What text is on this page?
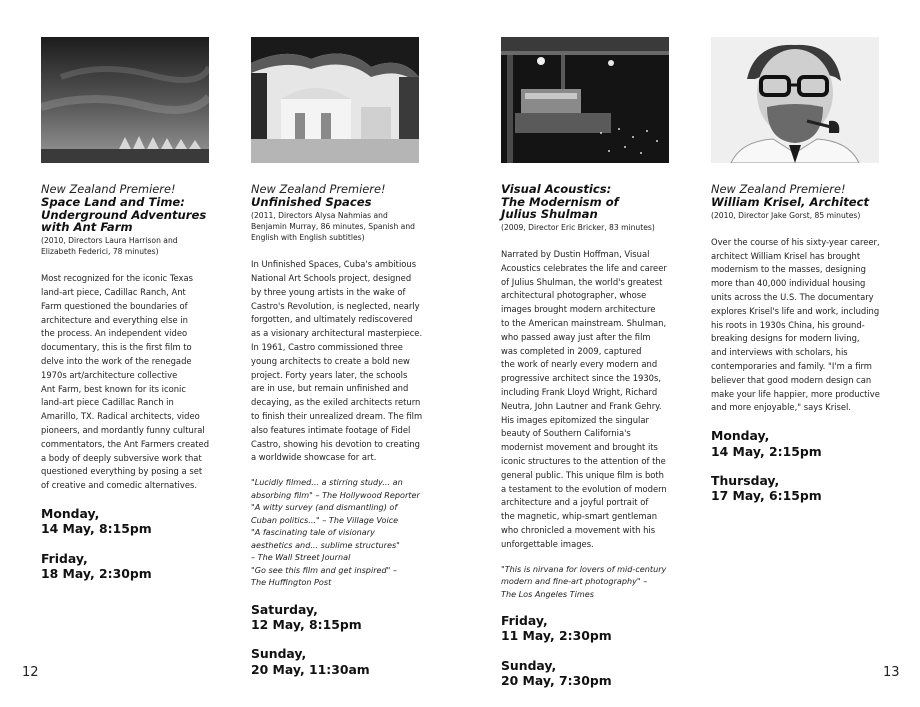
New Zealand Premiere!
Space Land and Time:
Underground Adventures
with Ant Farm
(2010, Directors Laura Harrison and
Elizabeth Federici, 78 minutes)
Most recognized for the iconic Texas
land-art piece, Cadillac Ranch, Ant
Farm questioned the boundaries of
architecture and everything else in
the process. An independent video
documentary, this is the first film to
delve into the work of the renegade
1970s art/architecture collective
Ant Farm, best known for its iconic
land-art piece Cadillac Ranch in
Amarillo, TX. Radical architects, video
pioneers, and mordantly funny cultural
commentators, the Ant Farmers created
a body of deeply subversive work that
questioned everything by posing a set
of creative and comedic alternatives.
Monday,
14 May, 8:15pm
Friday,
18 May, 2:30pm
New Zealand Premiere!
Unfinished Spaces
(2011, Directors Alysa Nahmias and
Benjamin Murray, 86 minutes, Spanish and
English with English subtitles)
In Unfinished Spaces, Cuba's ambitious
National Art Schools project, designed
by three young artists in the wake of
Castro's Revolution, is neglected, nearly
forgotten, and ultimately rediscovered
as a visionary architectural masterpiece.
In 1961, Castro commissioned three
young architects to create a bold new
project. Forty years later, the schools
are in use, but remain unfinished and
decaying, as the exiled architects return
to finish their unrealized dream. The film
also features intimate footage of Fidel
Castro, showing his devotion to creating
a worldwide showcase for art.
"Lucidly filmed... a stirring study... an
absorbing film" – The Hollywood Reporter
"A witty survey (and dismantling) of
Cuban politics..." – The Village Voice
"A fascinating tale of visionary
aesthetics and... sublime structures"
– The Wall Street Journal
"Go see this film and get inspired" –
The Huffington Post
Saturday,
12 May, 8:15pm
Sunday,
20 May, 11:30am
Visual Acoustics:
The Modernism of
Julius Shulman
(2009, Director Eric Bricker, 83 minutes)
Narrated by Dustin Hoffman, Visual
Acoustics celebrates the life and career
of Julius Shulman, the world's greatest
architectural photographer, whose
images brought modern architecture
to the American mainstream. Shulman,
who passed away just after the film
was completed in 2009, captured
the work of nearly every modern and
progressive architect since the 1930s,
including Frank Lloyd Wright, Richard
Neutra, John Lautner and Frank Gehry.
His images epitomized the singular
beauty of Southern California's
modernist movement and brought its
iconic structures to the attention of the
general public. This unique film is both
a testament to the evolution of modern
architecture and a joyful portrait of
the magnetic, whip-smart gentleman
who chronicled a movement with his
unforgettable images.
"This is nirvana for lovers of mid-century
modern and fine-art photography" –
The Los Angeles Times
Friday,
11 May, 2:30pm
Sunday,
20 May, 7:30pm
New Zealand Premiere!
William Krisel, Architect
(2010, Director Jake Gorst, 85 minutes)
Over the course of his sixty-year career,
architect William Krisel has brought
modernism to the masses, designing
more than 40,000 individual housing
units across the U.S. The documentary
explores Krisel's life and work, including
his roots in 1930s China, his ground-
breaking designs for modern living,
and interviews with scholars, his
contemporaries and family. "I'm a firm
believer that good modern design can
make your life happier, more productive
and more enjoyable," says Krisel.
Monday,
14 May, 2:15pm
Thursday,
17 May, 6:15pm
12	13
